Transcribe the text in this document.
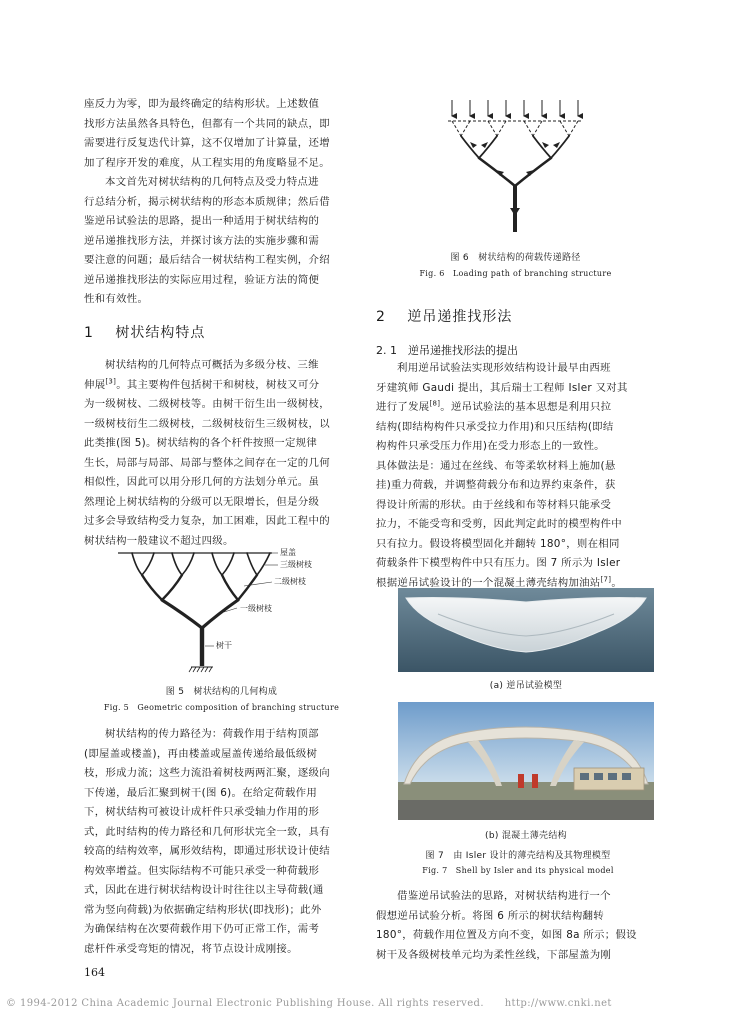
座反力为零，即为最终确定的结构形状。上述数值
找形方法虽然各具特色，但都有一个共同的缺点，即
需要进行反复迭代计算，这不仅增加了计算量，还增
加了程序开发的难度，从工程实用的角度略显不足。
本文首先对树状结构的几何特点及受力特点进
行总结分析，揭示树状结构的形态本质规律；然后借
鉴逆吊试验法的思路，提出一种适用于树状结构的
逆吊递推找形方法，并探讨该方法的实施步骤和需
要注意的问题；最后结合一树状结构工程实例，介绍
逆吊递推找形法的实际应用过程，验证方法的简便
性和有效性。
1 树状结构特点
树状结构的几何特点可概括为多级分枝、三维
伸展[3]。其主要构件包括树干和树枝，树枝又可分
为一级树枝、二级树枝等。由树干衍生出一级树枝，
一级树枝衍生二级树枝，二级树枝衍生三级树枝，以
此类推(图 5)。树状结构的各个杆件按照一定规律
生长，局部与局部、局部与整体之间存在一定的几何
相似性，因此可以用分形几何的方法划分单元。虽
然理论上树状结构的分级可以无限增长，但是分级
过多会导致结构受力复杂，加工困难，因此工程中的
树状结构一般建议不超过四级。
屋盖
三级树枝
二级树枝
一级树枝
树干
图 5　树状结构的几何构成
Fig. 5　Geometric composition of branching structure
树状结构的传力路径为：荷载作用于结构顶部
(即屋盖或楼盖)，再由楼盖或屋盖传递给最低级树
枝，形成力流；这些力流沿着树枝两两汇聚，逐级向
下传递，最后汇聚到树干(图 6)。在给定荷载作用
下，树状结构可被设计成杆件只承受轴力作用的形
式，此时结构的传力路径和几何形状完全一致，具有
较高的结构效率，属形效结构，即通过形状设计使结
构效率增益。但实际结构不可能只承受一种荷载形
式，因此在进行树状结构设计时往往以主导荷载(通
常为竖向荷载)为依据确定结构形状(即找形)；此外
为确保结构在次要荷载作用下仍可正常工作，需考
虑杆件承受弯矩的情况，将节点设计成刚接。
图 6　树状结构的荷载传递路径
Fig. 6　Loading path of branching structure
2 逆吊递推找形法
2. 1　逆吊递推找形法的提出
利用逆吊试验法实现形效结构设计最早由西班
牙建筑师 Gaudi 提出，其后瑞士工程师 Isler 又对其
进行了发展[8]。逆吊试验法的基本思想是利用只拉
结构(即结构构件只承受拉力作用)和只压结构(即结
构构件只承受压力作用)在受力形态上的一致性。
具体做法是：通过在丝线、布等柔软材料上施加(悬
挂)重力荷载，并调整荷载分布和边界约束条件，获
得设计所需的形状。由于丝线和布等材料只能承受
拉力，不能受弯和受剪，因此判定此时的模型构件中
只有拉力。假设将模型固化并翻转 180°，则在相同
荷载条件下模型构件中只有压力。图 7 所示为 Isler
根据逆吊试验设计的一个混凝土薄壳结构加油站[7]。
(a) 逆吊试验模型
(b) 混凝土薄壳结构
图 7　由 Isler 设计的薄壳结构及其物理模型
Fig. 7　Shell by Isler and its physical model
借鉴逆吊试验法的思路，对树状结构进行一个
假想逆吊试验分析。将图 6 所示的树状结构翻转
180°，荷载作用位置及方向不变，如图 8a 所示；假设
树干及各级树枝单元均为柔性丝线，下部屋盖为刚
164
© 1994-2012 China Academic Journal Electronic Publishing House. All rights reserved.　　http://www.cnki.net
